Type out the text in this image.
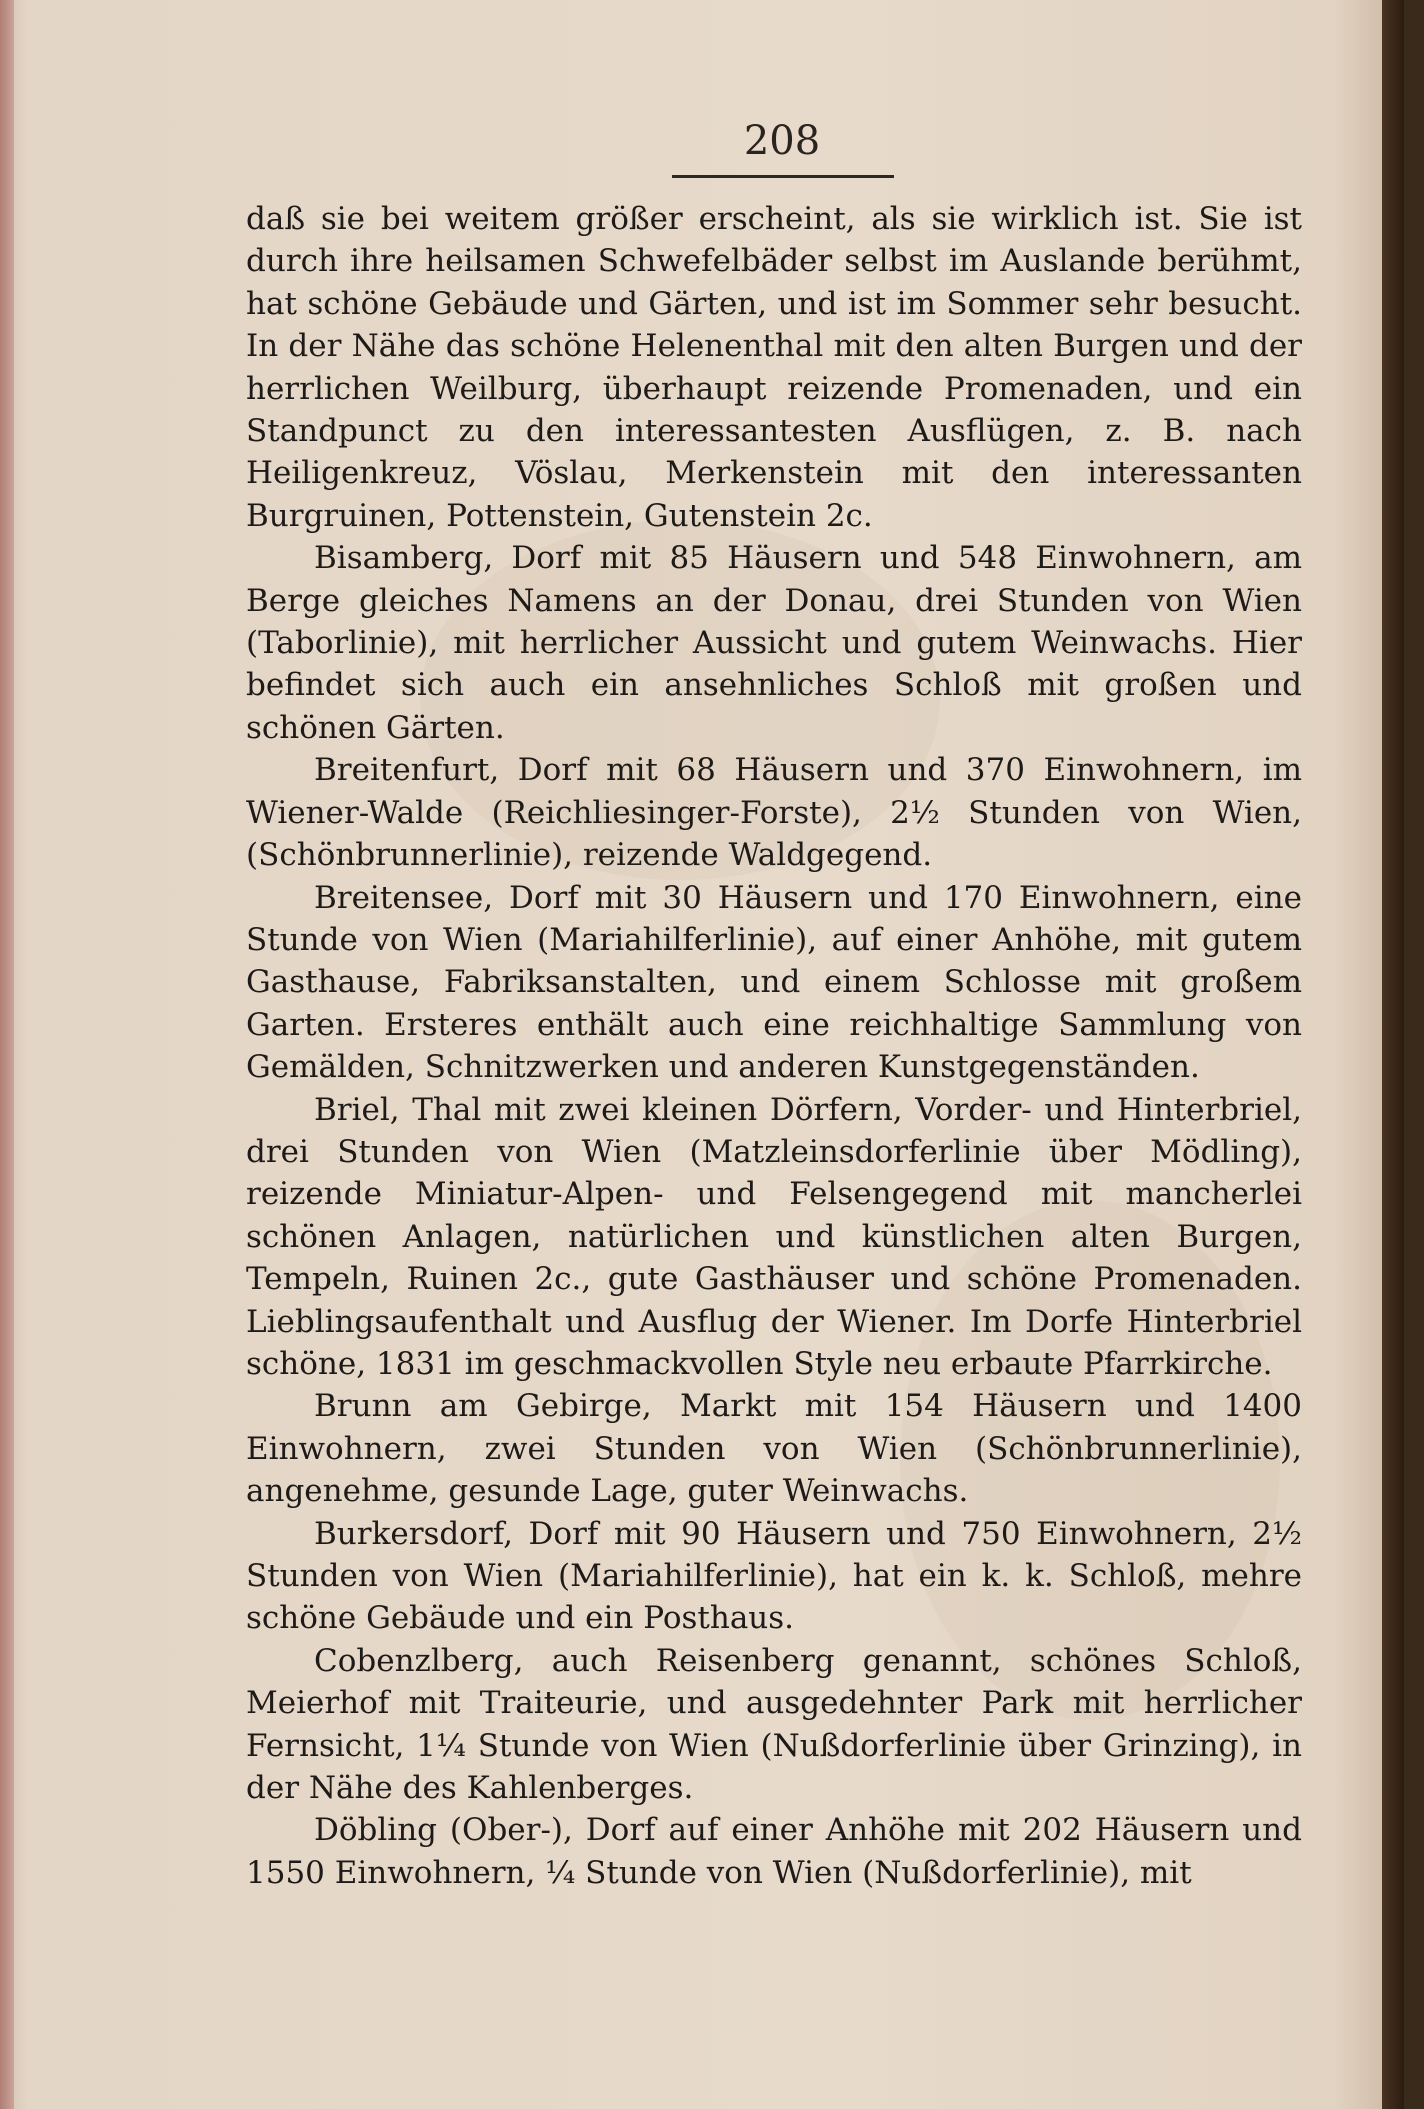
208

daß sie bei weitem größer erscheint, als sie wirklich ist. Sie ist durch ihre heilsamen Schwefelbäder selbst im Auslande berühmt, hat schöne Gebäude und Gärten, und ist im Sommer sehr besucht. In der Nähe das schöne Helenenthal mit den alten Burgen und der herrlichen Weilburg, überhaupt reizende Promenaden, und ein Standpunct zu den interessantesten Ausflügen, z. B. nach Heiligenkreuz, Vöslau, Merkenstein mit den interessanten Burgruinen, Pottenstein, Gutenstein 2c.

Bisamberg, Dorf mit 85 Häusern und 548 Einwohnern, am Berge gleiches Namens an der Donau, drei Stunden von Wien (Taborlinie), mit herrlicher Aussicht und gutem Weinwachs. Hier befindet sich auch ein ansehnliches Schloß mit großen und schönen Gärten.

Breitenfurt, Dorf mit 68 Häusern und 370 Einwohnern, im Wiener-Walde (Reichliesinger-Forste), 2½ Stunden von Wien, (Schönbrunnerlinie), reizende Waldgegend.

Breitensee, Dorf mit 30 Häusern und 170 Einwohnern, eine Stunde von Wien (Mariahilferlinie), auf einer Anhöhe, mit gutem Gasthause, Fabriksanstalten, und einem Schlosse mit großem Garten. Ersteres enthält auch eine reichhaltige Sammlung von Gemälden, Schnitzwerken und anderen Kunstgegenständen.

Briel, Thal mit zwei kleinen Dörfern, Vorder- und Hinterbriel, drei Stunden von Wien (Matzleinsdorferlinie über Mödling), reizende Miniatur-Alpen- und Felsengegend mit mancherlei schönen Anlagen, natürlichen und künstlichen alten Burgen, Tempeln, Ruinen 2c., gute Gasthäuser und schöne Promenaden. Lieblingsaufenthalt und Ausflug der Wiener. Im Dorfe Hinterbriel schöne, 1831 im geschmackvollen Style neu erbaute Pfarrkirche.

Brunn am Gebirge, Markt mit 154 Häusern und 1400 Einwohnern, zwei Stunden von Wien (Schönbrunnerlinie), angenehme, gesunde Lage, guter Weinwachs.

Burkersdorf, Dorf mit 90 Häusern und 750 Einwohnern, 2½ Stunden von Wien (Mariahilferlinie), hat ein k. k. Schloß, mehre schöne Gebäude und ein Posthaus.

Cobenzlberg, auch Reisenberg genannt, schönes Schloß, Meierhof mit Traiteurie, und ausgedehnter Park mit herrlicher Fernsicht, 1¼ Stunde von Wien (Nußdorferlinie über Grinzing), in der Nähe des Kahlenberges.

Döbling (Ober-), Dorf auf einer Anhöhe mit 202 Häusern und 1550 Einwohnern, ¼ Stunde von Wien (Nußdorferlinie), mit
